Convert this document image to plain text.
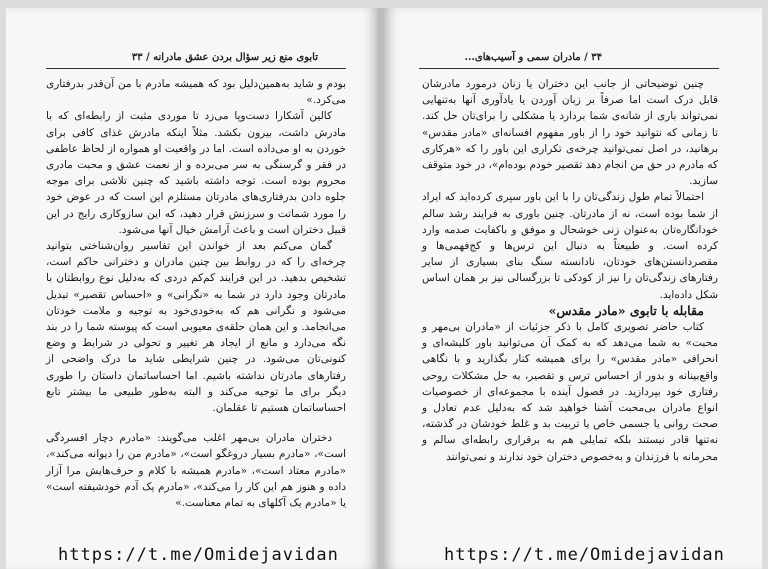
تابوی منع زیر سؤال بردن عشق مادرانه / ۳۳

بودم و شاید به‌همین‌دلیل بود که همیشه مادرم با من آن‌قدر بدرفتاری می‌کرد.»

کالین آشکارا دست‌وپا می‌زد تا موردی مثبت از رابطه‌ای که با مادرش داشت، بیرون بکشد. مثلاً اینکه مادرش غذای کافی برای خوردن به او می‌داده است. اما در واقعیت او همواره از لحاظ عاطفی در فقر و گرسنگی به سر می‌برده و از نعمت عشق و محبت مادری محروم بوده است. توجه داشته باشید که چنین تلاشی برای موجه جلوه دادن بدرفتاری‌های مادرتان مستلزم این است که در عوض خود را مورد شماتت و سرزنش قرار دهید، که این سازوکاری رایج در این قبیل دختران است و باعث آرامش خیال آنها می‌شود.

گمان می‌کنم بعد از خواندن این تفاسیر روان‌شناختی بتوانید چرخه‌ای را که در روابط بین چنین مادران و دخترانی حاکم است، تشخیص بدهید. در این فرایند کم‌کم دردی که به‌دلیل نوع روابطتان با مادرتان وجود دارد در شما به «نگرانی» و «احساس تقصیر» تبدیل می‌شود و نگرانی هم که به‌خودی‌خود به توجیه و ملامت خودتان می‌انجامد. و این همان حلقه‌ی معیوبی است که پیوسته شما را در بند نگه می‌دارد و مانع از ایجاد هر تغییر و تحولی در شرایط و وضع کنونی‌تان می‌شود. در چنین شرایطی شاید ما درک واضحی از رفتارهای مادرتان نداشته باشیم. اما احساساتمان داستان را طوری دیگر برای ما توجیه می‌کند و البته به‌طور طبیعی ما بیشتر تابع احساساتمان هستیم تا عقلمان.

دختران مادران بی‌مهر اغلب می‌گویند: «مادرم دچار افسردگی است»، «مادرم بسیار دروغگو است»، «مادرم من را دیوانه می‌کند»، «مادرم معتاد است»، «مادرم همیشه با کلام و حرف‌هایش مرا آزار داده و هنوز هم این کار را می‌کند»، «مادرم یک آدم خودشیفته است» یا «مادرم یک آکلهای به تمام معناست.»

https://t.me/Omidejavidan
۳۴ / مادران سمی و آسیب‌های...

چنین توضیحاتی از جانب این دختران یا زنان درمورد مادرشان قابل درک است اما صرفاً بر زبان آوردن یا یادآوری آنها به‌تنهایی نمی‌تواند باری از شانه‌ی شما بردارد یا مشکلی را برای‌تان حل کند. تا زمانی که نتوانید خود را از باور مفهوم افسانه‌ای «مادر مقدس» برهانید، در اصل نمی‌توانید چرخه‌ی تکراری این باور را که «هرکاری که مادرم در حق من انجام دهد تقصیر خودم بوده‌ام»، در خود متوقف سازید.

احتمالاً تمام طول زندگی‌تان را با این باور سپری کرده‌اید که ایراد از شما بوده است، نه از مادرتان. چنین باوری به فرایند رشد سالم خودانگاره‌تان به‌عنوان زنی خوشحال و موفق و باکفایت صدمه وارد کرده است. و طبیعتاً به دنبال این ترس‌ها و کج‌فهمی‌ها و مقصردانستن‌های خودتان، نادانسته سنگ بنای بسیاری از سایر رفتارهای زندگی‌تان را نیز از کودکی تا بزرگسالی نیز بر همان اساس شکل داده‌اید.

مقابله با تابوی «مادر مقدس»

کتاب حاضر تصویری کامل با ذکر جزئیات از «مادران بی‌مهر و محبت» به شما می‌دهد که به کمک آن می‌توانید باور کلیشه‌ای و انحرافی «مادر مقدس» را برای همیشه کنار بگذارید و با نگاهی واقع‌بینانه و بدور از احساس ترس و تقصیر، به حل مشکلات روحی رفتاری خود بپردازید. در فصول آینده با مجموعه‌ای از خصوصیات انواع مادران بی‌محبت آشنا خواهید شد که به‌دلیل عدم تعادل و صحت روانی یا جسمی خاص یا تربیت بد و غلط خودشان در گذشته، نه‌تنها قادر نیستند بلکه تمایلی هم به برقراری رابطه‌ای سالم و محرمانه با فرزندان و به‌خصوص دختران خود ندارند و نمی‌توانند

https://t.me/Omidejavidan
